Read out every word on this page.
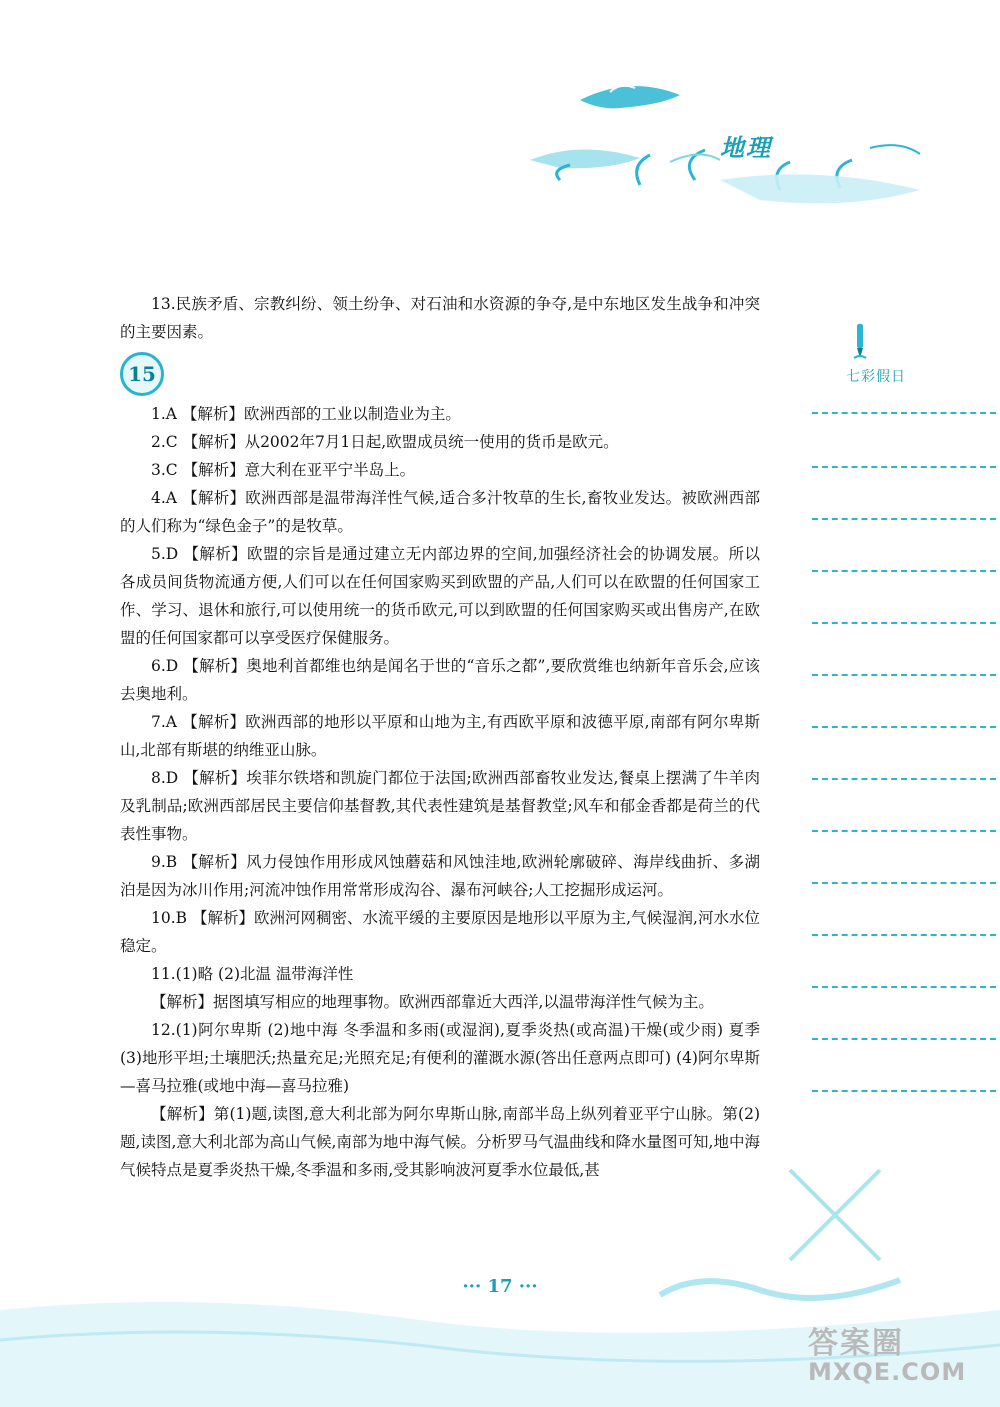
地理
七彩假日

13.民族矛盾、宗教纠纷、领土纷争、对石油和水资源的争夺,是中东地区发生战争和冲突的主要因素。

15

1.A 【解析】欧洲西部的工业以制造业为主。

2.C 【解析】从2002年7月1日起,欧盟成员统一使用的货币是欧元。

3.C 【解析】意大利在亚平宁半岛上。

4.A 【解析】欧洲西部是温带海洋性气候,适合多汁牧草的生长,畜牧业发达。被欧洲西部的人们称为“绿色金子”的是牧草。

5.D 【解析】欧盟的宗旨是通过建立无内部边界的空间,加强经济社会的协调发展。所以各成员间货物流通方便,人们可以在任何国家购买到欧盟的产品,人们可以在欧盟的任何国家工作、学习、退休和旅行,可以使用统一的货币欧元,可以到欧盟的任何国家购买或出售房产,在欧盟的任何国家都可以享受医疗保健服务。

6.D 【解析】奥地利首都维也纳是闻名于世的“音乐之都”,要欣赏维也纳新年音乐会,应该去奥地利。

7.A 【解析】欧洲西部的地形以平原和山地为主,有西欧平原和波德平原,南部有阿尔卑斯山,北部有斯堪的纳维亚山脉。

8.D 【解析】埃菲尔铁塔和凯旋门都位于法国;欧洲西部畜牧业发达,餐桌上摆满了牛羊肉及乳制品;欧洲西部居民主要信仰基督教,其代表性建筑是基督教堂;风车和郁金香都是荷兰的代表性事物。

9.B 【解析】风力侵蚀作用形成风蚀蘑菇和风蚀洼地,欧洲轮廓破碎、海岸线曲折、多湖泊是因为冰川作用;河流冲蚀作用常常形成沟谷、瀑布河峡谷;人工挖掘形成运河。

10.B 【解析】欧洲河网稠密、水流平缓的主要原因是地形以平原为主,气候湿润,河水水位稳定。

11.(1)略 (2)北温 温带海洋性

【解析】据图填写相应的地理事物。欧洲西部靠近大西洋,以温带海洋性气候为主。

12.(1)阿尔卑斯 (2)地中海 冬季温和多雨(或湿润),夏季炎热(或高温)干燥(或少雨) 夏季 (3)地形平坦;土壤肥沃;热量充足;光照充足;有便利的灌溉水源(答出任意两点即可) (4)阿尔卑斯—喜马拉雅(或地中海—喜马拉雅)

【解析】第(1)题,读图,意大利北部为阿尔卑斯山脉,南部半岛上纵列着亚平宁山脉。第(2)题,读图,意大利北部为高山气候,南部为地中海气候。分析罗马气温曲线和降水量图可知,地中海气候特点是夏季炎热干燥,冬季温和多雨,受其影响波河夏季水位最低,甚

··· 17 ···
答案圈
MXQE.COM
